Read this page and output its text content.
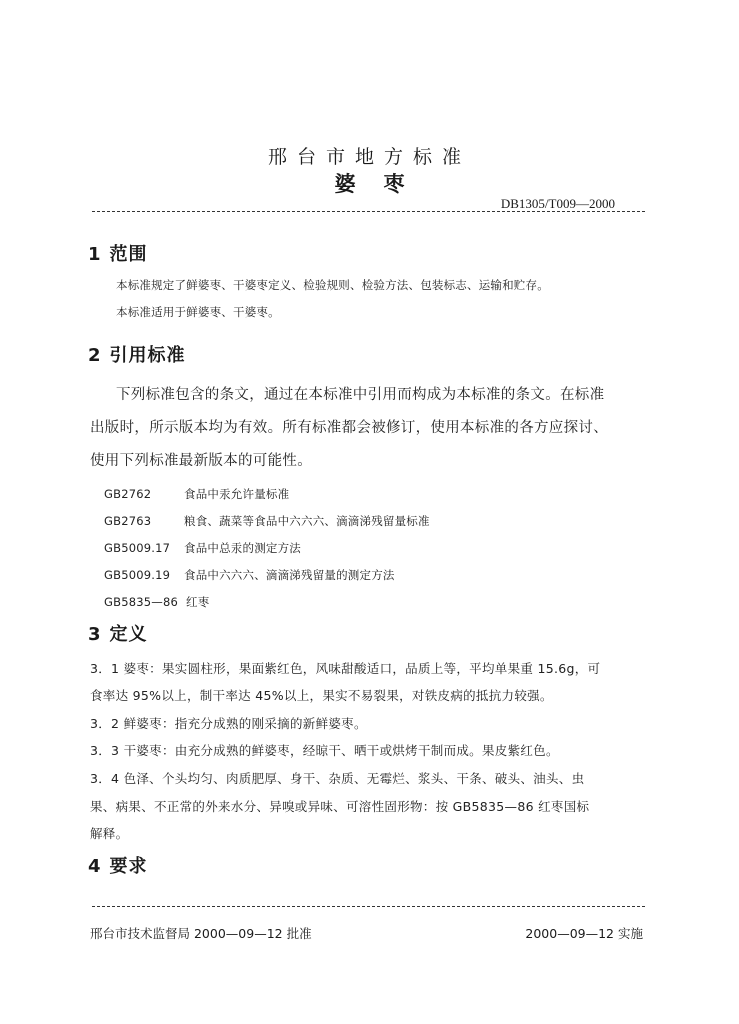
邢台市地方标准
婆枣
DB1305/T009—2000
1 范围
本标准规定了鲜婆枣、干婆枣定义、检验规则、检验方法、包装标志、运输和贮存。
本标准适用于鲜婆枣、干婆枣。
2 引用标准
下列标准包含的条文，通过在本标准中引用而构成为本标准的条文。在标准
出版时，所示版本均为有效。所有标准都会被修订，使用本标准的各方应探讨、
使用下列标准最新版本的可能性。
GB2762	食品中汞允许量标准
GB2763	粮食、蔬菜等食品中六六六、滴滴涕残留量标准
GB5009.17 食品中总汞的测定方法
GB5009.19 食品中六六六、滴滴涕残留量的测定方法
GB5835—86 红枣
3 定义
3．1 婆枣：果实圆柱形，果面紫红色，风味甜酸适口，品质上等，平均单果重 15.6g，可
食率达 95%以上，制干率达 45%以上，果实不易裂果，对铁皮病的抵抗力较强。
3．2 鲜婆枣：指充分成熟的刚采摘的新鲜婆枣。
3．3 干婆枣：由充分成熟的鲜婆枣，经晾干、晒干或烘烤干制而成。果皮紫红色。
3．4 色泽、个头均匀、肉质肥厚、身干、杂质、无霉烂、浆头、干条、破头、油头、虫
果、病果、不正常的外来水分、异嗅或异味、可溶性固形物：按 GB5835—86 红枣国标
解释。
4 要求
邢台市技术监督局 2000—09—12 批准	2000—09—12 实施
